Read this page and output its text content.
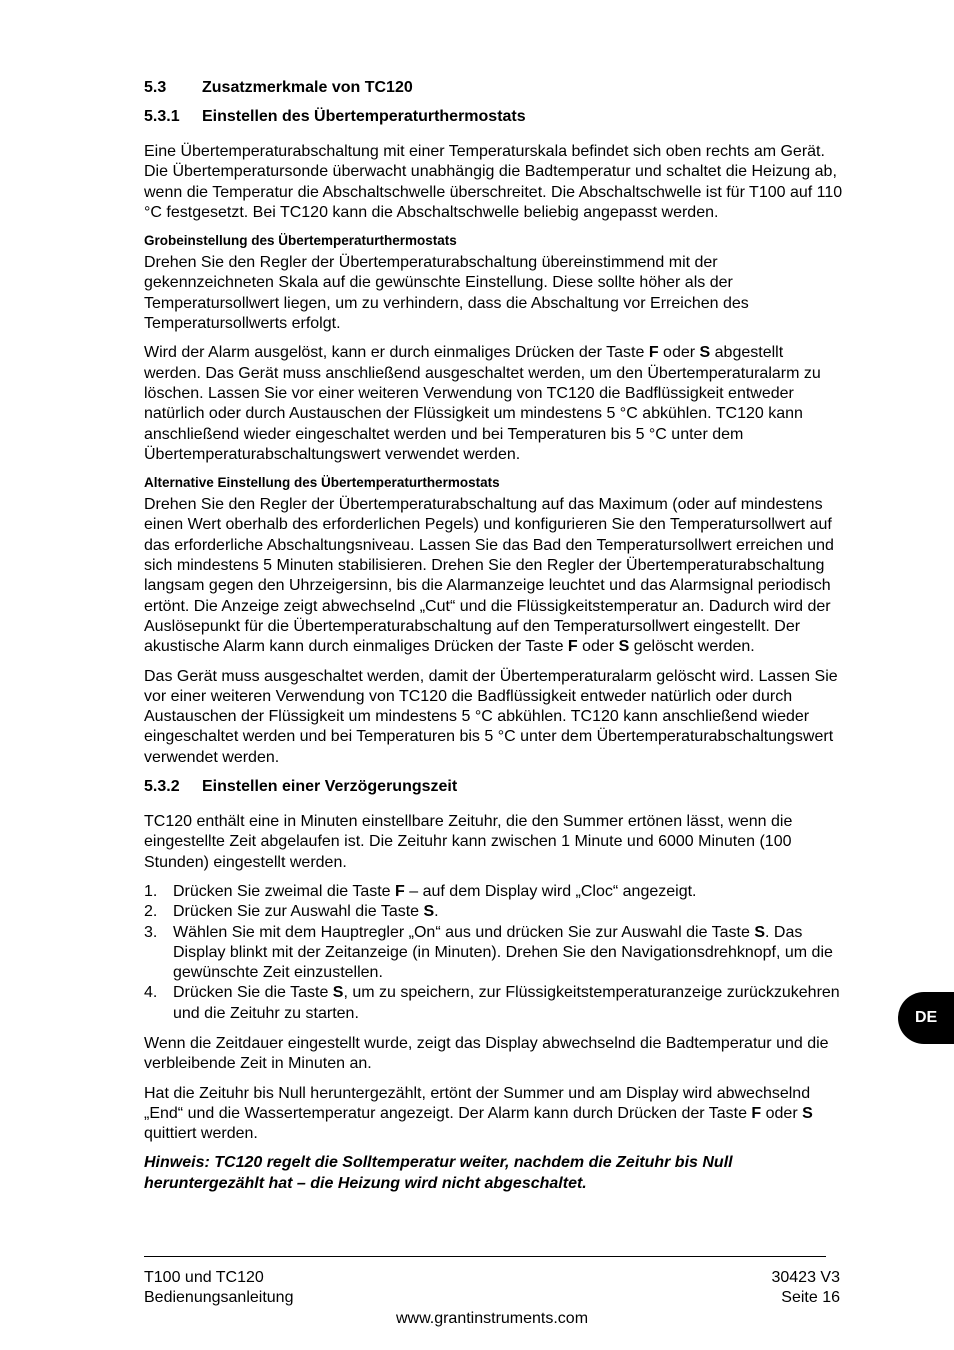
5.3 Zusatzmerkmale von TC120
5.3.1 Einstellen des Übertemperaturthermostats

Eine Übertemperaturabschaltung mit einer Temperaturskala befindet sich oben rechts am Gerät. Die Übertemperatursonde überwacht unabhängig die Badtemperatur und schaltet die Heizung ab, wenn die Temperatur die Abschaltschwelle überschreitet. Die Abschaltschwelle ist für T100 auf 110 °C festgesetzt. Bei TC120 kann die Abschaltschwelle beliebig angepasst werden.

Grobeinstellung des Übertemperaturthermostats

Drehen Sie den Regler der Übertemperaturabschaltung übereinstimmend mit der gekennzeichneten Skala auf die gewünschte Einstellung. Diese sollte höher als der Temperatursollwert liegen, um zu verhindern, dass die Abschaltung vor Erreichen des Temperatursollwerts erfolgt.

Wird der Alarm ausgelöst, kann er durch einmaliges Drücken der Taste F oder S abgestellt werden. Das Gerät muss anschließend ausgeschaltet werden, um den Übertemperaturalarm zu löschen. Lassen Sie vor einer weiteren Verwendung von TC120 die Badflüssigkeit entweder natürlich oder durch Austauschen der Flüssigkeit um mindestens 5 °C abkühlen. TC120 kann anschließend wieder eingeschaltet werden und bei Temperaturen bis 5 °C unter dem Übertemperaturabschaltungswert verwendet werden.

Alternative Einstellung des Übertemperaturthermostats

Drehen Sie den Regler der Übertemperaturabschaltung auf das Maximum (oder auf mindestens einen Wert oberhalb des erforderlichen Pegels) und konfigurieren Sie den Temperatursollwert auf das erforderliche Abschaltungsniveau. Lassen Sie das Bad den Temperatursollwert erreichen und sich mindestens 5 Minuten stabilisieren. Drehen Sie den Regler der Übertemperaturabschaltung langsam gegen den Uhrzeigersinn, bis die Alarmanzeige leuchtet und das Alarmsignal periodisch ertönt. Die Anzeige zeigt abwechselnd „Cut“ und die Flüssigkeitstemperatur an. Dadurch wird der Auslösepunkt für die Übertemperaturabschaltung auf den Temperatursollwert eingestellt. Der akustische Alarm kann durch einmaliges Drücken der Taste F oder S gelöscht werden.

Das Gerät muss ausgeschaltet werden, damit der Übertemperaturalarm gelöscht wird. Lassen Sie vor einer weiteren Verwendung von TC120 die Badflüssigkeit entweder natürlich oder durch Austauschen der Flüssigkeit um mindestens 5 °C abkühlen. TC120 kann anschließend wieder eingeschaltet werden und bei Temperaturen bis 5 °C unter dem Übertemperaturabschaltungswert verwendet werden.

5.3.2 Einstellen einer Verzögerungszeit

TC120 enthält eine in Minuten einstellbare Zeituhr, die den Summer ertönen lässt, wenn die eingestellte Zeit abgelaufen ist. Die Zeituhr kann zwischen 1 Minute und 6000 Minuten (100 Stunden) eingestellt werden.

1. Drücken Sie zweimal die Taste F – auf dem Display wird „Cloc“ angezeigt.
2. Drücken Sie zur Auswahl die Taste S.
3. Wählen Sie mit dem Hauptregler „On“ aus und drücken Sie zur Auswahl die Taste S. Das Display blinkt mit der Zeitanzeige (in Minuten). Drehen Sie den Navigationsdrehknopf, um die gewünschte Zeit einzustellen.
4. Drücken Sie die Taste S, um zu speichern, zur Flüssigkeitstemperaturanzeige zurückzukehren und die Zeituhr zu starten.

Wenn die Zeitdauer eingestellt wurde, zeigt das Display abwechselnd die Badtemperatur und die verbleibende Zeit in Minuten an.

Hat die Zeituhr bis Null heruntergezählt, ertönt der Summer und am Display wird abwechselnd „End“ und die Wassertemperatur angezeigt. Der Alarm kann durch Drücken der Taste F oder S quittiert werden.

Hinweis: TC120 regelt die Solltemperatur weiter, nachdem die Zeituhr bis Null heruntergezählt hat – die Heizung wird nicht abgeschaltet.

T100 und TC120
Bedienungsanleitung
30423 V3
Seite 16
www.grantinstruments.com
DE
